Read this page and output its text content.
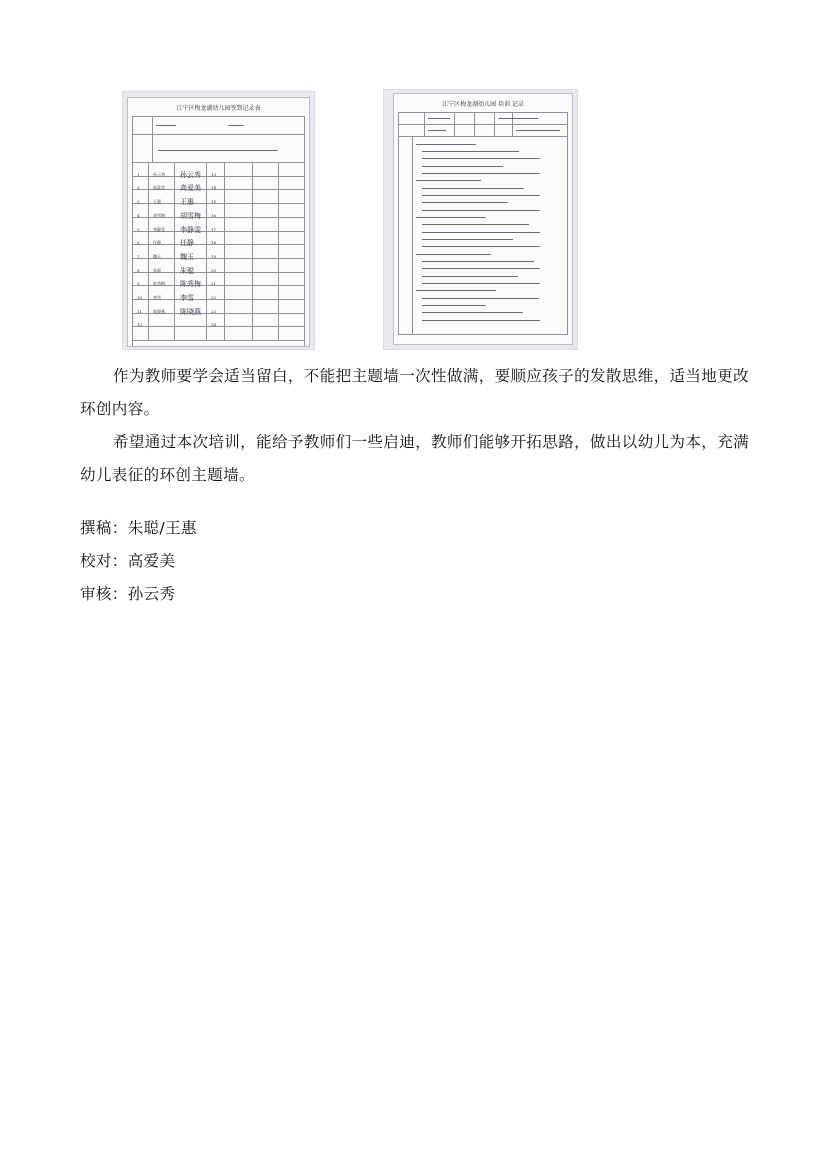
江宁区梅龙湖幼儿园签到记录表
1	孙云秀 孙云秀	13
2	高爱美 高爱美	14
3	王惠	王惠	15
4	胡雪梅 胡雪梅	16
5	李静雯 李静雯	17
6	任静	任静	18
7	魏玉	魏玉	19
8	朱聪	朱聪	20
9	陈秀梅 陈秀梅	21
10	李雪	李雪	22
11	陈晓燕 陈晓燕	23
12	24
江宁区梅龙湖幼儿园 培训 记录

作为教师要学会适当留白，不能把主题墙一次性做满，要顺应孩子的发散思维，适当地更改环创内容。

希望通过本次培训，能给予教师们一些启迪，教师们能够开拓思路，做出以幼儿为本，充满幼儿表征的环创主题墙。

撰稿：朱聪/王惠
校对：高爱美
审核：孙云秀
